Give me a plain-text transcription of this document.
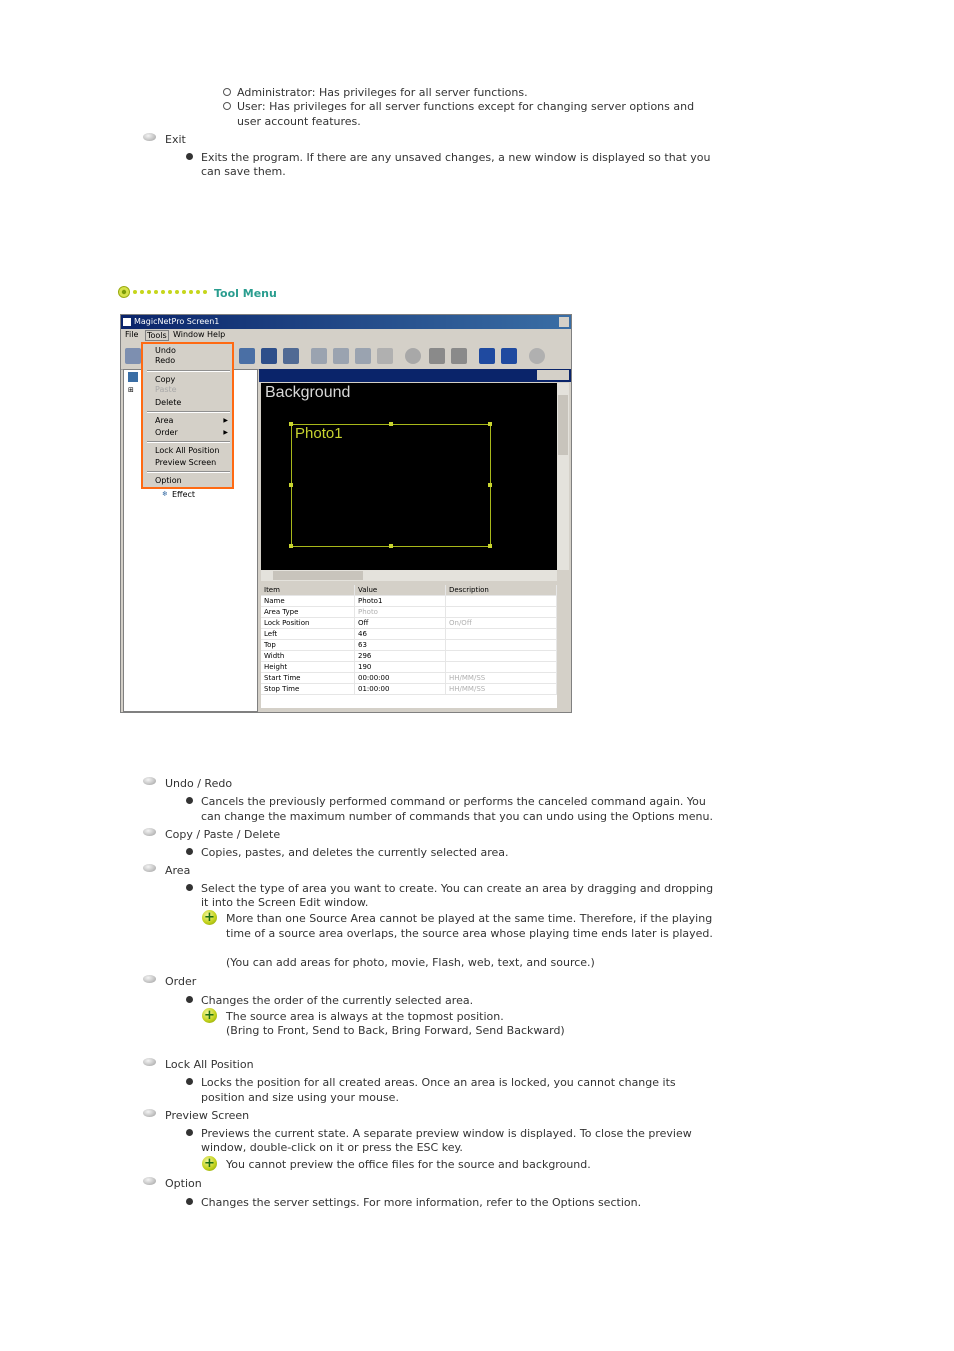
Administrator: Has privileges for all server functions.
User: Has privileges for all server functions except for changing server options and
user account features.
Exit
Exits the program. If there are any unsaved changes, a new window is displayed so that you
can save them.
Tool Menu
MagicNetPro Screen1
File Tools Window Help
⊞
❄ Effect
Background
Photo1
Item	Value	Description
Name	Photo1	
Area Type	Photo	
Lock Position	Off	On/Off
Left	46	
Top	63	
Width	296	
Height	190	
Start Time	00:00:00	HH/MM/SS
Stop Time	01:00:00	HH/MM/SS
Undo
Redo
Copy
Paste
Delete
Area	▶
Order	▶
Lock All Position
Preview Screen
Option
Undo / Redo
Cancels the previously performed command or performs the canceled command again. You
can change the maximum number of commands that you can undo using the Options menu.
Copy / Paste / Delete
Copies, pastes, and deletes the currently selected area.
Area
Select the type of area you want to create. You can create an area by dragging and dropping
it into the Screen Edit window.
+ More than one Source Area cannot be played at the same time. Therefore, if the playing
time of a source area overlaps, the source area whose playing time ends later is played.
(You can add areas for photo, movie, Flash, web, text, and source.)
Order
Changes the order of the currently selected area.
+ The source area is always at the topmost position.
(Bring to Front, Send to Back, Bring Forward, Send Backward)
Lock All Position
Locks the position for all created areas. Once an area is locked, you cannot change its
position and size using your mouse.
Preview Screen
Previews the current state. A separate preview window is displayed. To close the preview
window, double-click on it or press the ESC key.
+ You cannot preview the office files for the source and background.
Option
Changes the server settings. For more information, refer to the Options section.
